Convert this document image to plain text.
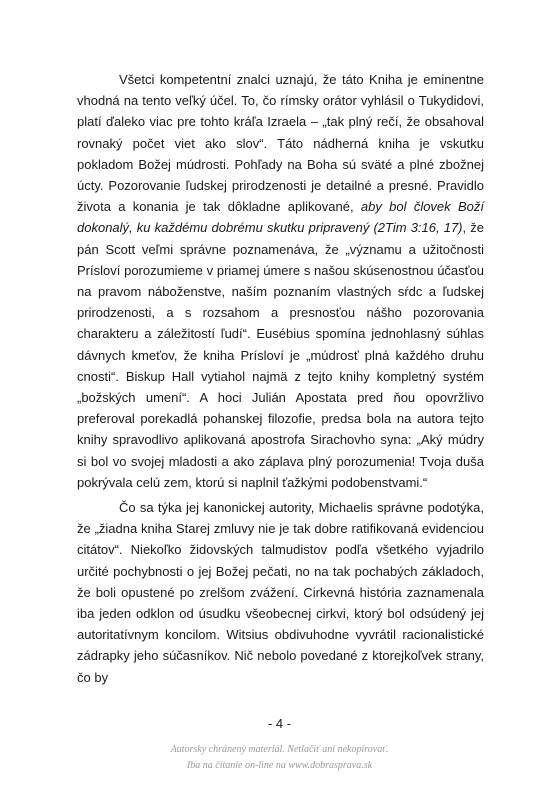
Všetci kompetentní znalci uznajú, že táto Kniha je eminentne vhodná na tento veľký účel. To, čo rímsky orátor vyhlásil o Tukydidovi, platí ďaleko viac pre tohto kráľa Izraela – „tak plný rečí, že obsahoval rovnaký počet viet ako slov“. Táto nádherná kniha je vskutku pokladom Božej múdrosti. Pohľady na Boha sú sväté a plné zbožnej úcty. Pozorovanie ľudskej prirodzenosti je detailné a presné. Pravidlo života a konania je tak dôkladne aplikované, aby bol človek Boží dokonalý, ku každému dobrému skutku pripravený (2Tim 3:16, 17), že pán Scott veľmi správne poznamenáva, že „významu a užitočnosti Prísloví porozumieme v priamej úmere s našou skúsenostnou účasťou na pravom náboženstve, naším poznaním vlastných sŕdc a ľudskej prirodzenosti, a s rozsahom a presnosťou nášho pozorovania charakteru a záležitostí ľudí“. Eusébius spomína jednohlasný súhlas dávnych kmeťov, že kniha Prísloví je „múdrosť plná každého druhu cnosti“. Biskup Hall vytiahol najmä z tejto knihy kompletný systém „božských umení“. A hoci Julián Apostata pred ňou opovržlivo preferoval porekadlá pohanskej filozofie, predsa bola na autora tejto knihy spravodlivo aplikovaná apostrofa Sirachovho syna: „Aký múdry si bol vo svojej mladosti a ako záplava plný porozumenia! Tvoja duša pokrývala celú zem, ktorú si naplnil ťažkými podobenstvami.“

Čo sa týka jej kanonickej autority, Michaelis správne podotýka, že „žiadna kniha Starej zmluvy nie je tak dobre ratifikovaná evidenciou citátov“. Niekoľko židovských talmudistov podľa všetkého vyjadrilo určité pochybnosti o jej Božej pečati, no na tak pochabých základoch, že boli opustené po zrelšom zvážení. Cirkevná história zaznamenala iba jeden odklon od úsudku všeobecnej cirkvi, ktorý bol odsúdený jej autoritatívnym koncilom. Witsius obdivuhodne vyvrátil racionalistické zádrapky jeho súčasníkov. Nič nebolo povedané z ktorejkoľvek strany, čo by

- 4 -
Autorsky chránený materiál. Netlačiť ani nekopírovať.
Iba na čítanie on-line na www.dobraspravа.sk
